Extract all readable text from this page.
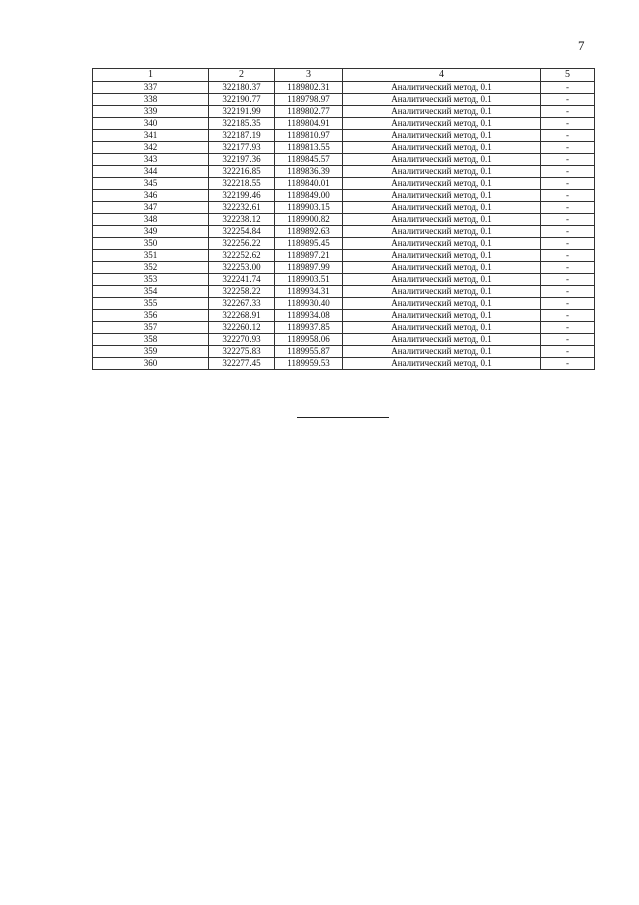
7
1	2	3	4	5
337	322180.37	1189802.31	Аналитический метод, 0.1	-
338	322190.77	1189798.97	Аналитический метод, 0.1	-
339	322191.99	1189802.77	Аналитический метод, 0.1	-
340	322185.35	1189804.91	Аналитический метод, 0.1	-
341	322187.19	1189810.97	Аналитический метод, 0.1	-
342	322177.93	1189813.55	Аналитический метод, 0.1	-
343	322197.36	1189845.57	Аналитический метод, 0.1	-
344	322216.85	1189836.39	Аналитический метод, 0.1	-
345	322218.55	1189840.01	Аналитический метод, 0.1	-
346	322199.46	1189849.00	Аналитический метод, 0.1	-
347	322232.61	1189903.15	Аналитический метод, 0.1	-
348	322238.12	1189900.82	Аналитический метод, 0.1	-
349	322254.84	1189892.63	Аналитический метод, 0.1	-
350	322256.22	1189895.45	Аналитический метод, 0.1	-
351	322252.62	1189897.21	Аналитический метод, 0.1	-
352	322253.00	1189897.99	Аналитический метод, 0.1	-
353	322241.74	1189903.51	Аналитический метод, 0.1	-
354	322258.22	1189934.31	Аналитический метод, 0.1	-
355	322267.33	1189930.40	Аналитический метод, 0.1	-
356	322268.91	1189934.08	Аналитический метод, 0.1	-
357	322260.12	1189937.85	Аналитический метод, 0.1	-
358	322270.93	1189958.06	Аналитический метод, 0.1	-
359	322275.83	1189955.87	Аналитический метод, 0.1	-
360	322277.45	1189959.53	Аналитический метод, 0.1	-
